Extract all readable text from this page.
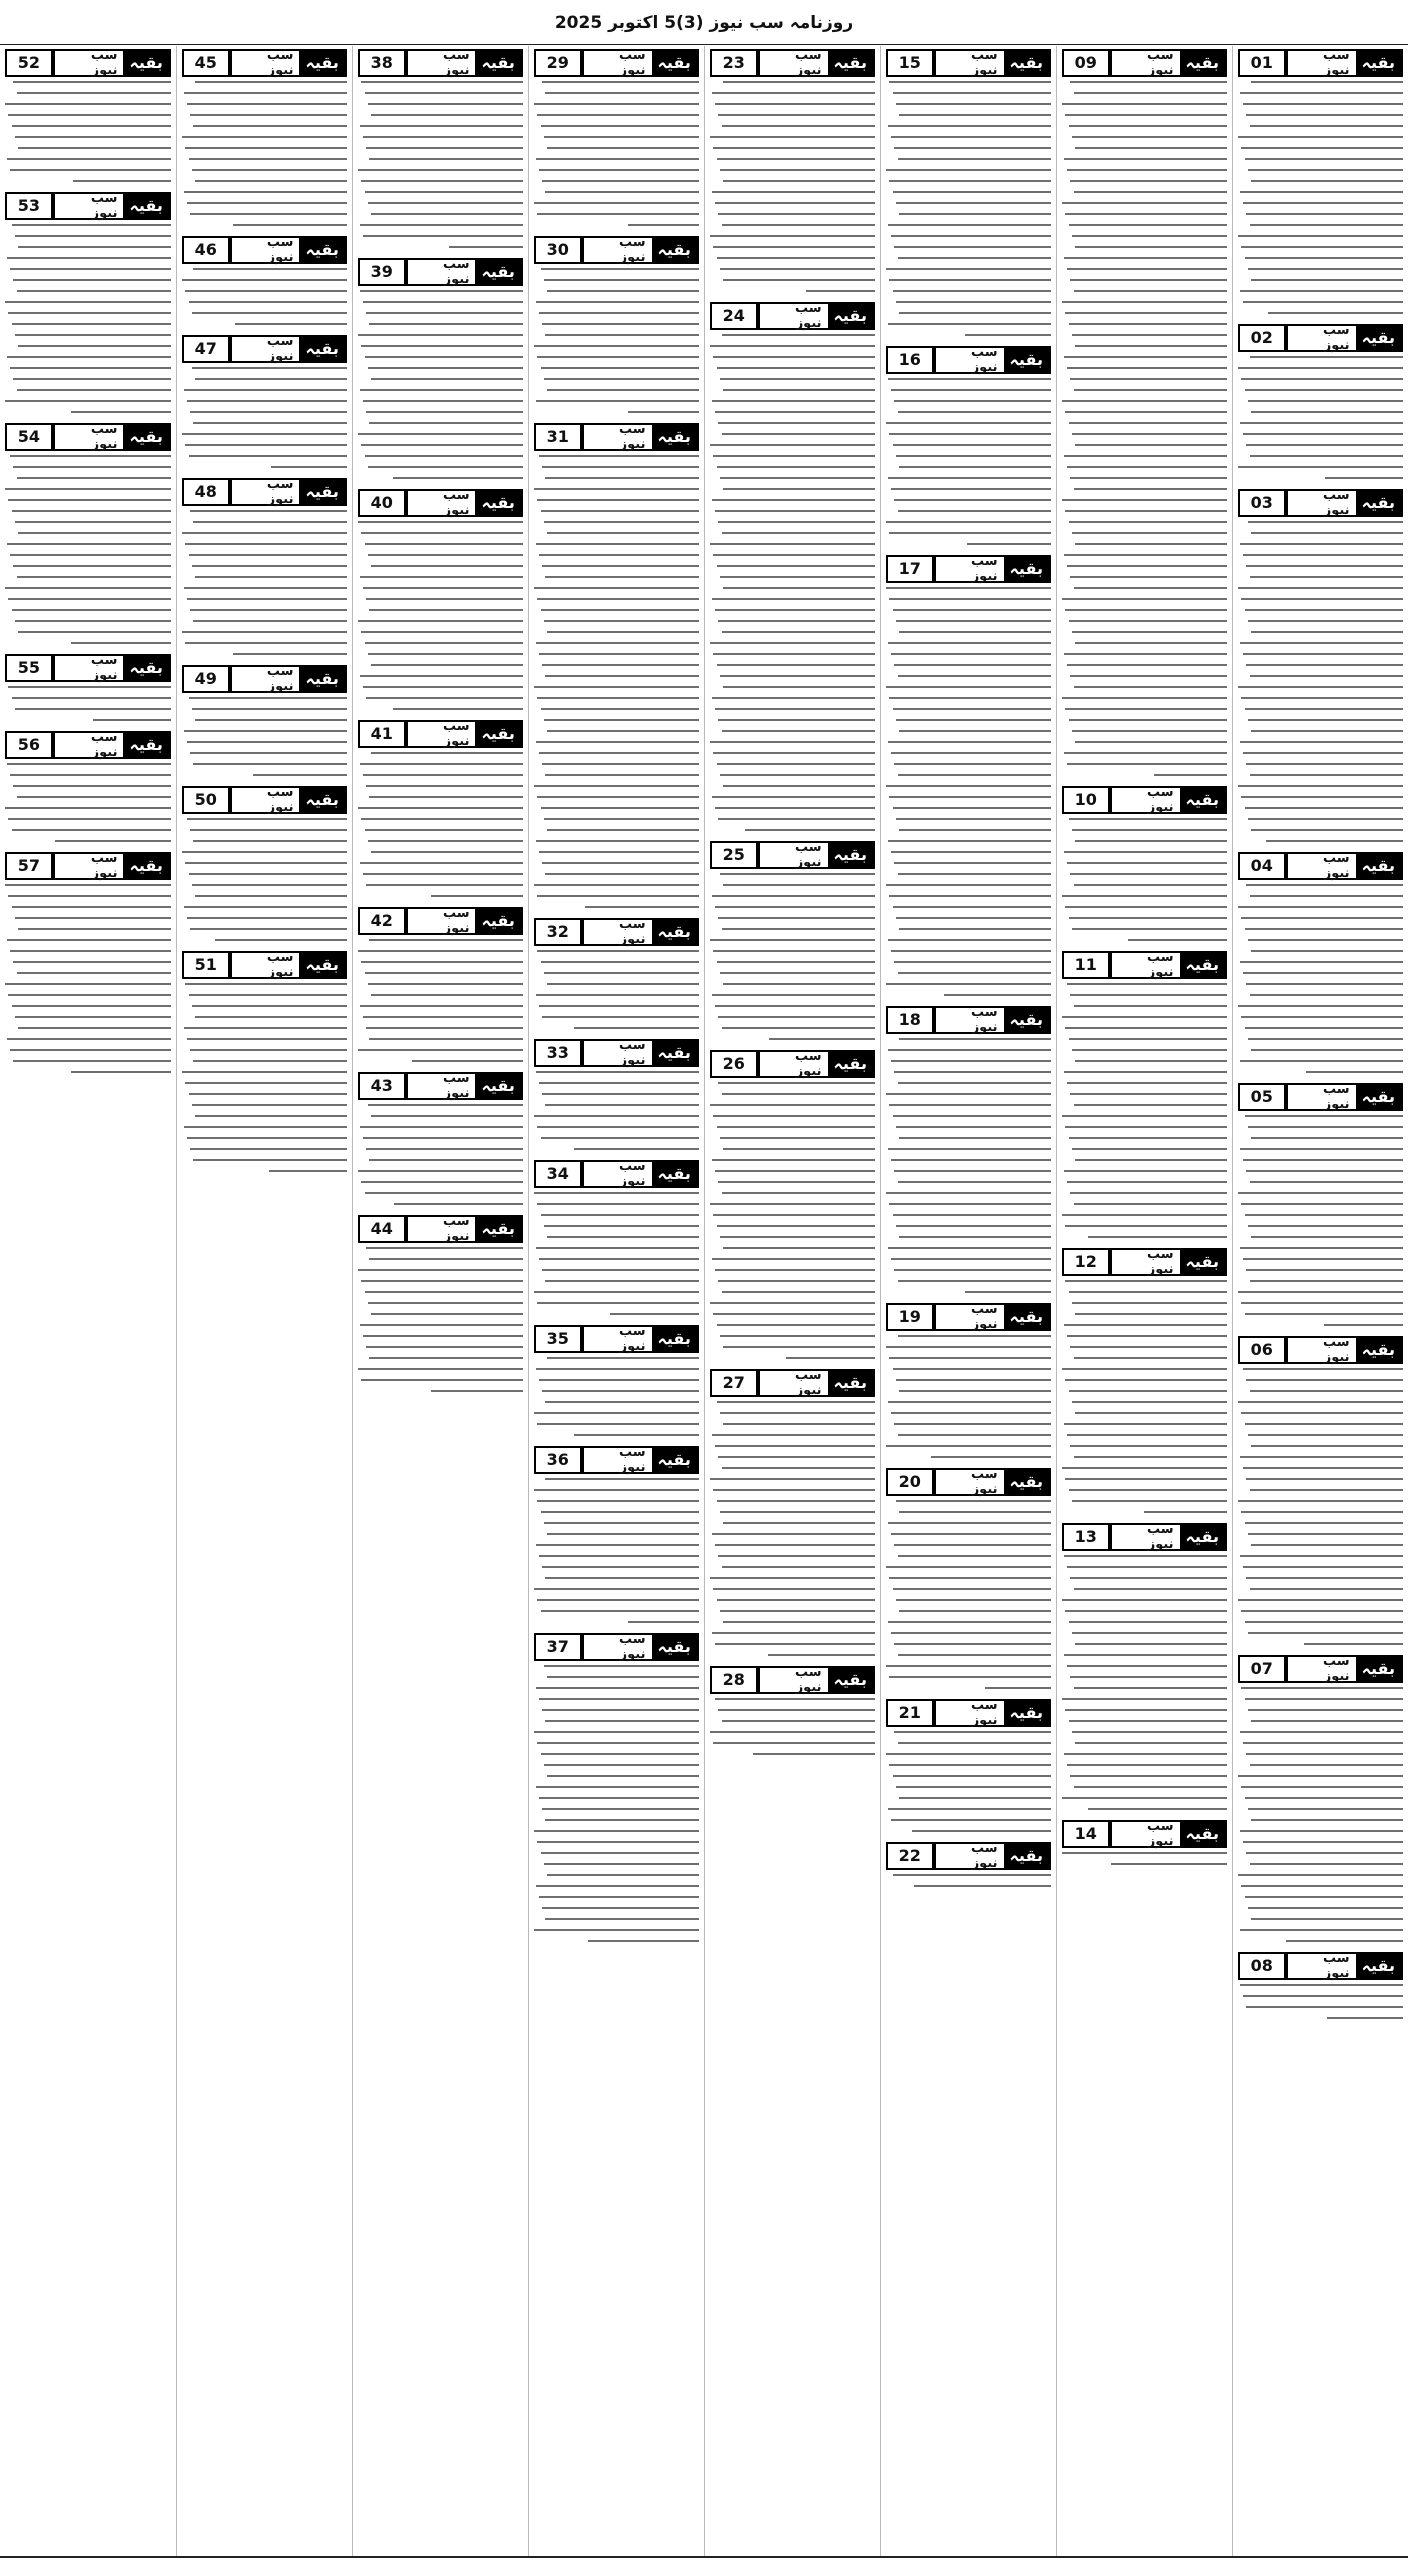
روزنامہ سب نیوز (3)5 اکتوبر 2025
بقیہ
سب نیوز
01
بقیہ
سب نیوز
02
بقیہ
سب نیوز
03
بقیہ
سب نیوز
04
بقیہ
سب نیوز
05
بقیہ
سب نیوز
06
بقیہ
سب نیوز
07
بقیہ
سب نیوز
08
بقیہ
سب نیوز
09
بقیہ
سب نیوز
10
بقیہ
سب نیوز
11
بقیہ
سب نیوز
12
بقیہ
سب نیوز
13
بقیہ
سب نیوز
14
بقیہ
سب نیوز
15
بقیہ
سب نیوز
16
بقیہ
سب نیوز
17
بقیہ
سب نیوز
18
بقیہ
سب نیوز
19
بقیہ
سب نیوز
20
بقیہ
سب نیوز
21
بقیہ
سب نیوز
22
بقیہ
سب نیوز
23
بقیہ
سب نیوز
24
بقیہ
سب نیوز
25
بقیہ
سب نیوز
26
بقیہ
سب نیوز
27
بقیہ
سب نیوز
28
بقیہ
سب نیوز
29
بقیہ
سب نیوز
30
بقیہ
سب نیوز
31
بقیہ
سب نیوز
32
بقیہ
سب نیوز
33
بقیہ
سب نیوز
34
بقیہ
سب نیوز
35
بقیہ
سب نیوز
36
بقیہ
سب نیوز
37
بقیہ
سب نیوز
38
بقیہ
سب نیوز
39
بقیہ
سب نیوز
40
بقیہ
سب نیوز
41
بقیہ
سب نیوز
42
بقیہ
سب نیوز
43
بقیہ
سب نیوز
44
بقیہ
سب نیوز
45
بقیہ
سب نیوز
46
بقیہ
سب نیوز
47
بقیہ
سب نیوز
48
بقیہ
سب نیوز
49
بقیہ
سب نیوز
50
بقیہ
سب نیوز
51
بقیہ
سب نیوز
52
بقیہ
سب نیوز
53
بقیہ
سب نیوز
54
بقیہ
سب نیوز
55
بقیہ
سب نیوز
56
بقیہ
سب نیوز
57
